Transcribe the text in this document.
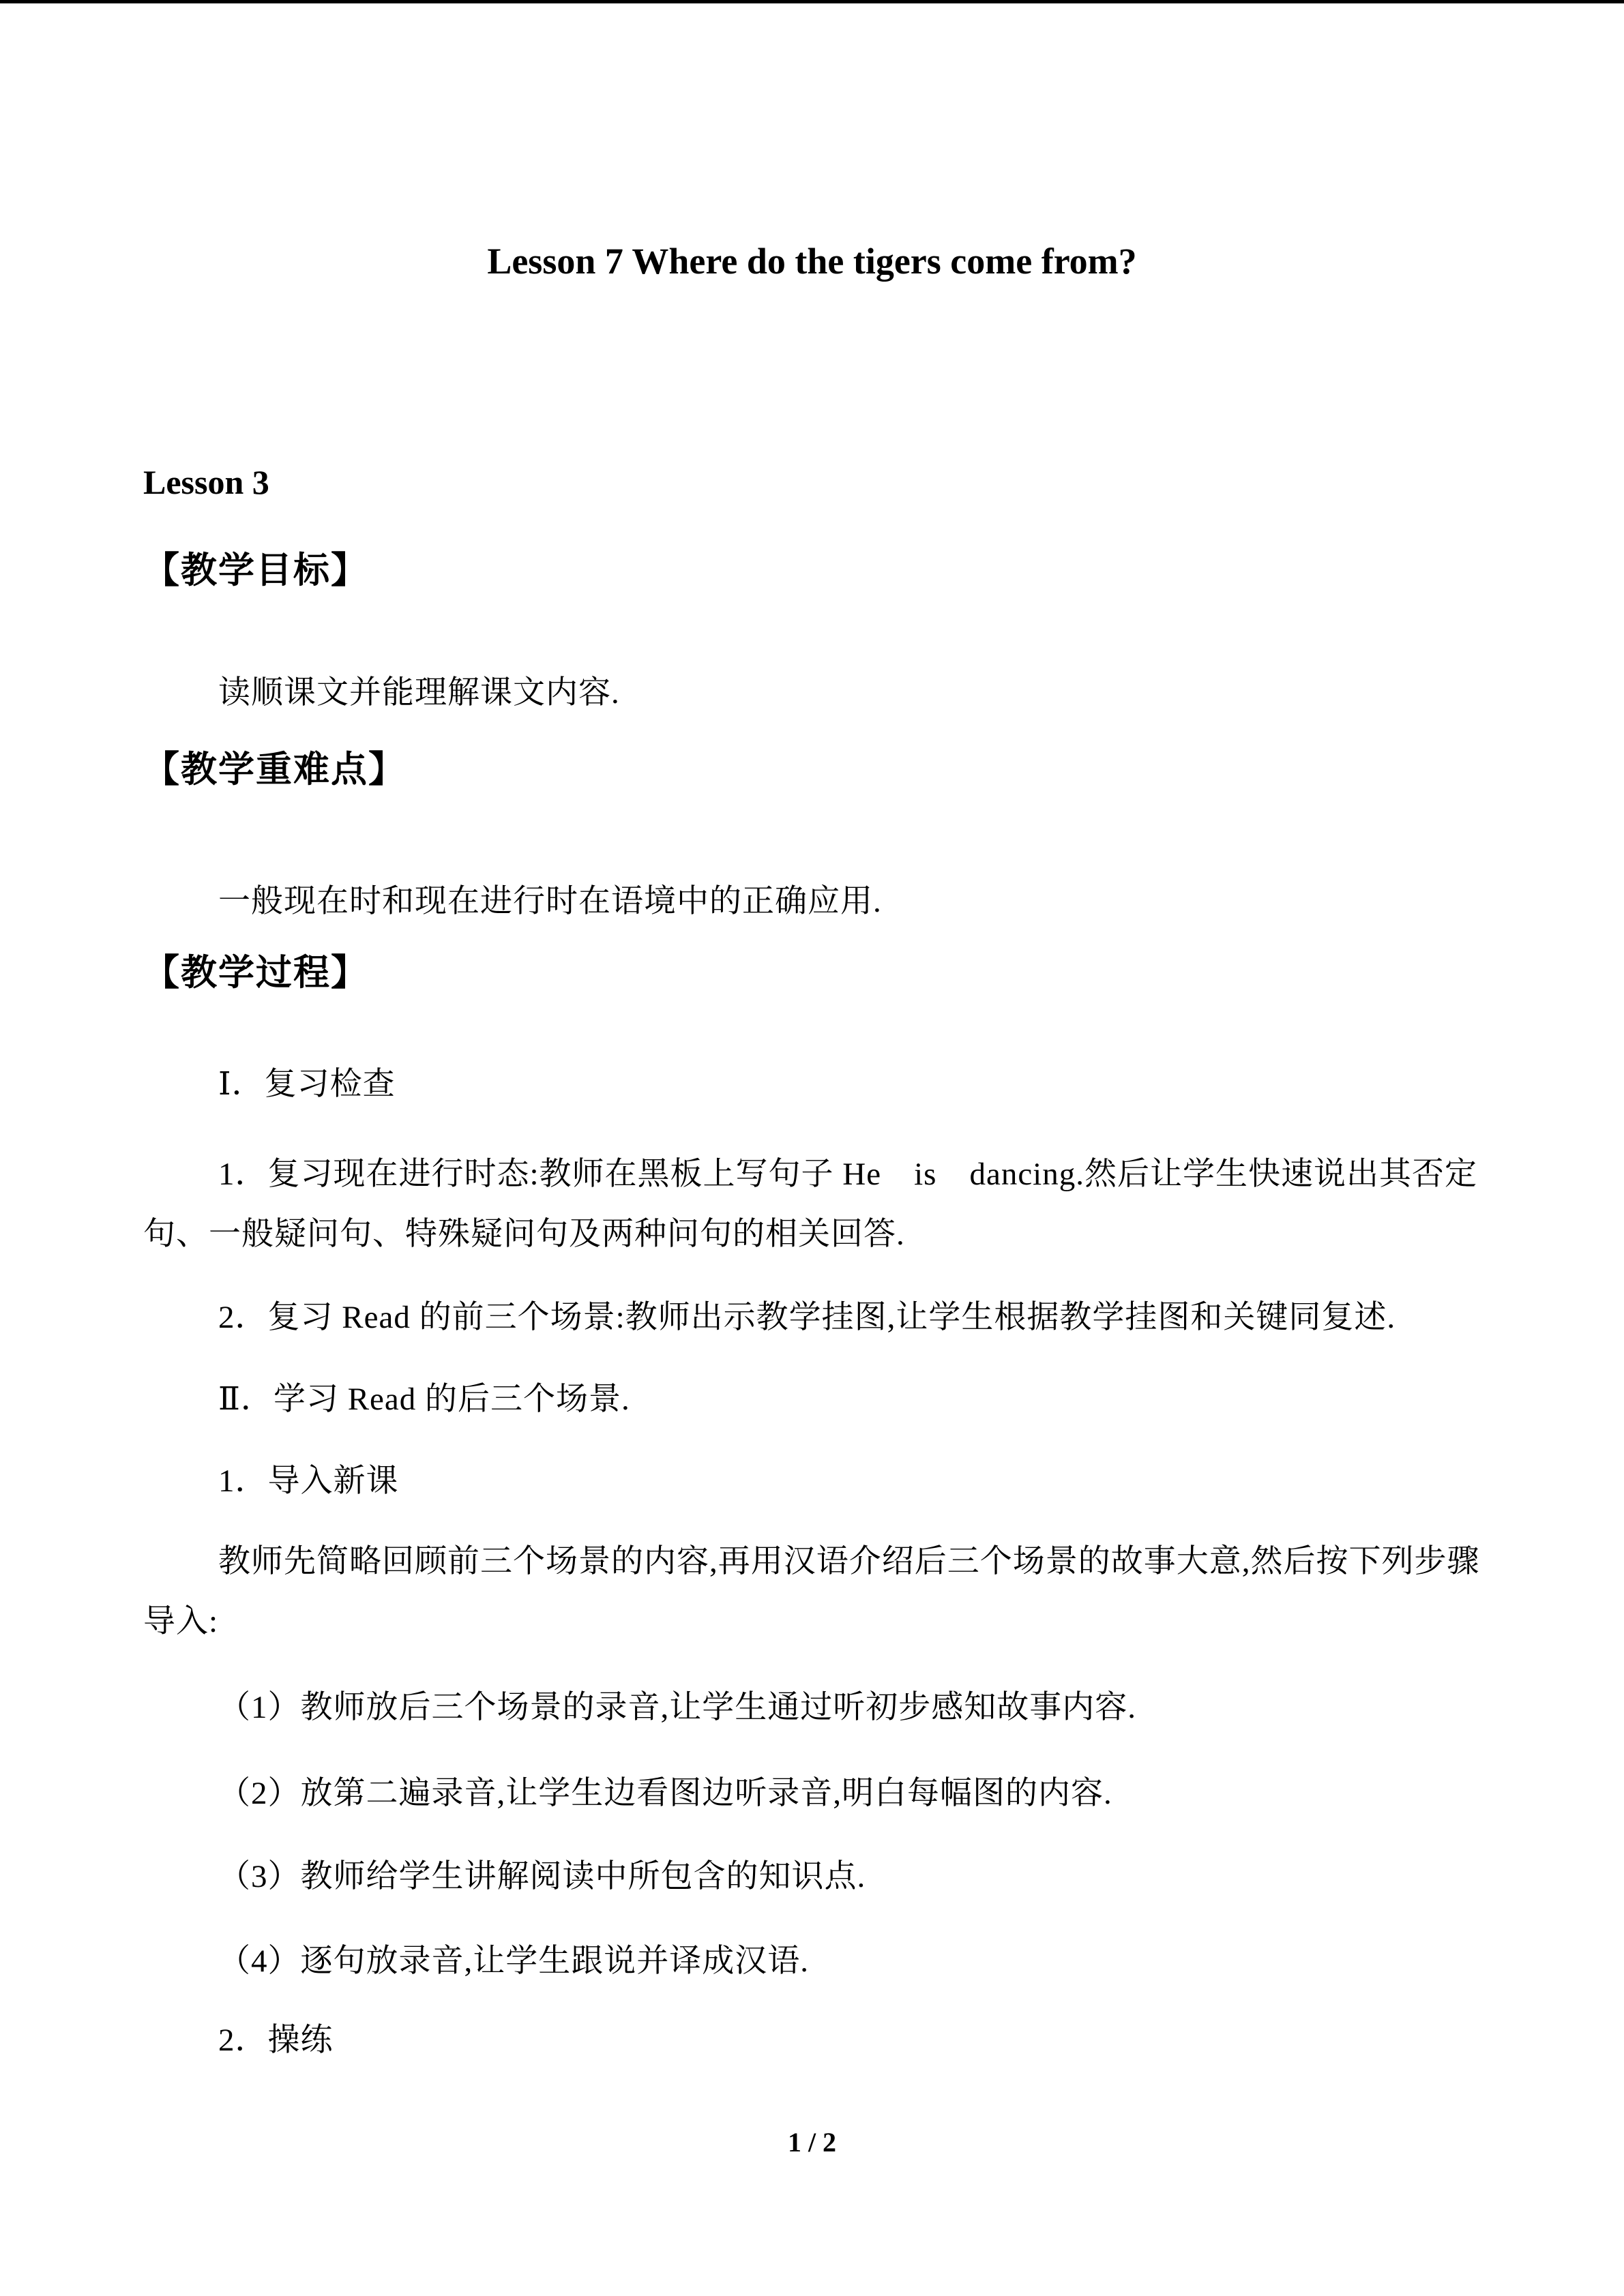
Lesson 7 Where do the tigers come from?
Lesson 3
【教学目标】
读顺课文并能理解课文内容.
【教学重难点】
一般现在时和现在进行时在语境中的正确应用.
【教学过程】
Ⅰ．复习检查
1．复习现在进行时态:教师在黑板上写句子 He　is　dancing.然后让学生快速说出其否定句、一般疑问句、特殊疑问句及两种问句的相关回答.
2．复习 Read 的前三个场景:教师出示教学挂图,让学生根据教学挂图和关键同复述.
Ⅱ．学习 Read 的后三个场景.
1．导入新课
教师先简略回顾前三个场景的内容,再用汉语介绍后三个场景的故事大意,然后按下列步骤导入:
（1）教师放后三个场景的录音,让学生通过听初步感知故事内容.
（2）放第二遍录音,让学生边看图边听录音,明白每幅图的内容.
（3）教师给学生讲解阅读中所包含的知识点.
（4）逐句放录音,让学生跟说并译成汉语.
2．操练
1 / 2
